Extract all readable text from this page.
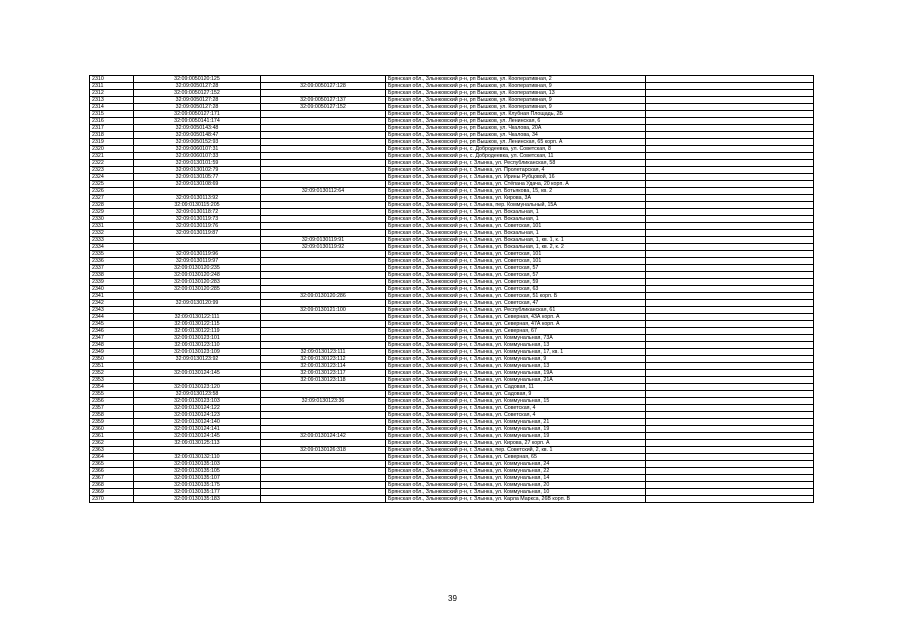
2310	32:09:0050120:125		Брянская обл., Злынковский р-н, рп Вышков, ул. Кооперативная, 2	
2311	32:09:0050127:28	32:09:0050127:128	Брянская обл., Злынковский р-н, рп Вышков, ул. Кооперативная, 9	
2312	32:09:0050127:152		Брянская обл., Злынковский р-н, рп Вышков, ул. Кооперативная, 13	
2313	32:09:0050127:28	32:09:0050127:137	Брянская обл., Злынковский р-н, рп Вышков, ул. Кооперативная, 9	
2314	32:09:0050127:28	32:09:0050127:152	Брянская обл., Злынковский р-н, рп Вышков, ул. Кооперативная, 9	
2315	32:09:0050127:171		Брянская обл., Злынковский р-н, рп Вышков, ул. Клубная Площадь, 2Б	
2316	32:09:0050141:174		Брянская обл., Злынковский р-н, рп Вышков, ул. Ленинская, 6	
2317	32:09:0050143:48		Брянская обл., Злынковский р-н, рп Вышков, ул. Чкалова, 20А	
2318	32:09:0050148:47		Брянская обл., Злынковский р-н, рп Вышков, ул. Чкалова, 34	
2319	32:09:0050152:93		Брянская обл., Злынковский р-н, рп Вышков, ул. Ленинская, 65 корп. А	
2320	32:09:0060107:31		Брянская обл., Злынковский р-н, с. Добродеевка, ул. Советская, 8	
2321	32:09:0060107:33		Брянская обл., Злынковский р-н, с. Добродеевка, ул. Советская, 11	
2322	32:09:0130101:59		Брянская обл., Злынковский р-н, г. Злынка, ул. Республиканская, 58	
2323	32:09:0130102:79		Брянская обл., Злынковский р-н, г. Злынка, ул. Пролетарская, 4	
2324	32:09:0130105:77		Брянская обл., Злынковский р-н, г. Злынка, ул. Ирины Рубцовой, 16	
2325	32:09:0130108:69		Брянская обл., Злынковский р-н, г. Злынка, ул. Стёпана Удача, 20 корп. А	
2326		32:09:0130112:64	Брянская обл., Злынковский р-н, г. Злынка, ул. Ботьякова, 15, кв. 2	
2327	32:09:0130113:92		Брянская обл., Злынковский р-н, г. Злынка, ул. Кирова, 3А	
2328	32:09:0130115:205		Брянская обл., Злынковский р-н, г. Злынка, пер. Коммунальный, 15А	
2329	32:09:0130118:72		Брянская обл., Злынковский р-н, г. Злынка, ул. Вокзальная, 1	
2330	32:09:0130119:73		Брянская обл., Злынковский р-н, г. Злынка, ул. Вокзальная, 1	
2331	32:09:0130119:76		Брянская обл., Злынковский р-н, г. Злынка, ул. Советская, 101	
2332	32:09:0130119:87		Брянская обл., Злынковский р-н, г. Злынка, ул. Вокзальная, 1	
2333		32:09:0130119:91	Брянская обл., Злынковский р-н, г. Злынка, ул. Вокзальная, 1, кв. 1, к. 1	
2334		32:09:0130119:92	Брянская обл., Злынковский р-н, г. Злынка, ул. Вокзальная, 1, кв. 2, к. 2	
2335	32:09:0130119:96		Брянская обл., Злынковский р-н, г. Злынка, ул. Советская, 101	
2336	32:09:0130119:97		Брянская обл., Злынковский р-н, г. Злынка, ул. Советская, 101	
2337	32:09:0130120:235		Брянская обл., Злынковский р-н, г. Злынка, ул. Советская, 57	
2338	32:09:0130120:248		Брянская обл., Злынковский р-н, г. Злынка, ул. Советская, 57	
2339	32:09:0130120:283		Брянская обл., Злынковский р-н, г. Злынка, ул. Советская, 59	
2340	32:09:0130120:285		Брянская обл., Злынковский р-н, г. Злынка, ул. Советская, 63	
2341		32:09:0130120:286	Брянская обл., Злынковский р-н, г. Злынка, ул. Советская, 51 корп. Б	
2342	32:09:0130120:99		Брянская обл., Злынковский р-н, г. Злынка, ул. Советская, 47	
2343		32:09:0130121:100	Брянская обл., Злынковский р-н, г. Злынка, ул. Республиканская, 61	
2344	32:09:0130122:111		Брянская обл., Злынковский р-н, г. Злынка, ул. Северная, 43А корп. А	
2345	32:09:0130122:115		Брянская обл., Злынковский р-н, г. Злынка, ул. Северная, 47А корп. А	
2346	32:09:0130122:119		Брянская обл., Злынковский р-н, г. Злынка, ул. Северная, 67	
2347	32:09:0130123:101		Брянская обл., Злынковский р-н, г. Злынка, ул. Коммунальная, 73А	
2348	32:09:0130123:110		Брянская обл., Злынковский р-н, г. Злынка, ул. Коммунальная, 13	
2349	32:09:0130123:109	32:09:0130123:111	Брянская обл., Злынковский р-н, г. Злынка, ул. Коммунальная, 17, кв. 1	
2350	32:09:0130123:92	32:09:0130123:112	Брянская обл., Злынковский р-н, г. Злынка, ул. Коммунальная, 9	
2351		32:09:0130123:114	Брянская обл., Злынковский р-н, г. Злынка, ул. Коммунальная, 13	
2352	32:09:0130124:145	32:09:0130123:117	Брянская обл., Злынковский р-н, г. Злынка, ул. Коммунальная, 19А	
2353		32:09:0130123:118	Брянская обл., Злынковский р-н, г. Злынка, ул. Коммунальная, 21А	
2354	32:09:0130123:120		Брянская обл., Злынковский р-н, г. Злынка, ул. Садовая, 11	
2355	32:09:0130123:58		Брянская обл., Злынковский р-н, г. Злынка, ул. Садовая, 9	
2356	32:09:0130123:103	32:09:0130123:36	Брянская обл., Злынковский р-н, г. Злынка, ул. Коммунальная, 15	
2357	32:09:0130124:122		Брянская обл., Злынковский р-н, г. Злынка, ул. Советская, 4	
2358	32:09:0130124:123		Брянская обл., Злынковский р-н, г. Злынка, ул. Советская, 4	
2359	32:09:0130124:140		Брянская обл., Злынковский р-н, г. Злынка, ул. Коммунальная, 21	
2360	32:09:0130124:141		Брянская обл., Злынковский р-н, г. Злынка, ул. Коммунальная, 19	
2361	32:09:0130124:145	32:09:0130124:142	Брянская обл., Злынковский р-н, г. Злынка, ул. Коммунальная, 19	
2362	32:09:0130125:113		Брянская обл., Злынковский р-н, г. Злынка, ул. Кирова, 27 корп. А	
2363		32:09:0130126:318	Брянская обл., Злынковский р-н, г. Злынка, пер. Советский, 2, кв. 1	
2364	32:09:0130132:110		Брянская обл., Злынковский р-н, г. Злынка, ул. Северная, 65	
2365	32:09:0130135:103		Брянская обл., Злынковский р-н, г. Злынка, ул. Коммунальная, 24	
2366	32:09:0130135:105		Брянская обл., Злынковский р-н, г. Злынка, ул. Коммунальная, 22	
2367	32:09:0130135:107		Брянская обл., Злынковский р-н, г. Злынка, ул. Коммунальная, 14	
2368	32:09:0130135:175		Брянская обл., Злынковский р-н, г. Злынка, ул. Коммунальная, 20	
2369	32:09:0130135:177		Брянская обл., Злынковский р-н, г. Злынка, ул. Коммунальная, 10	
2370	32:09:0130135:183		Брянская обл., Злынковский р-н, г. Злынка, ул. Карла Маркса, 26В корп. В	
39
